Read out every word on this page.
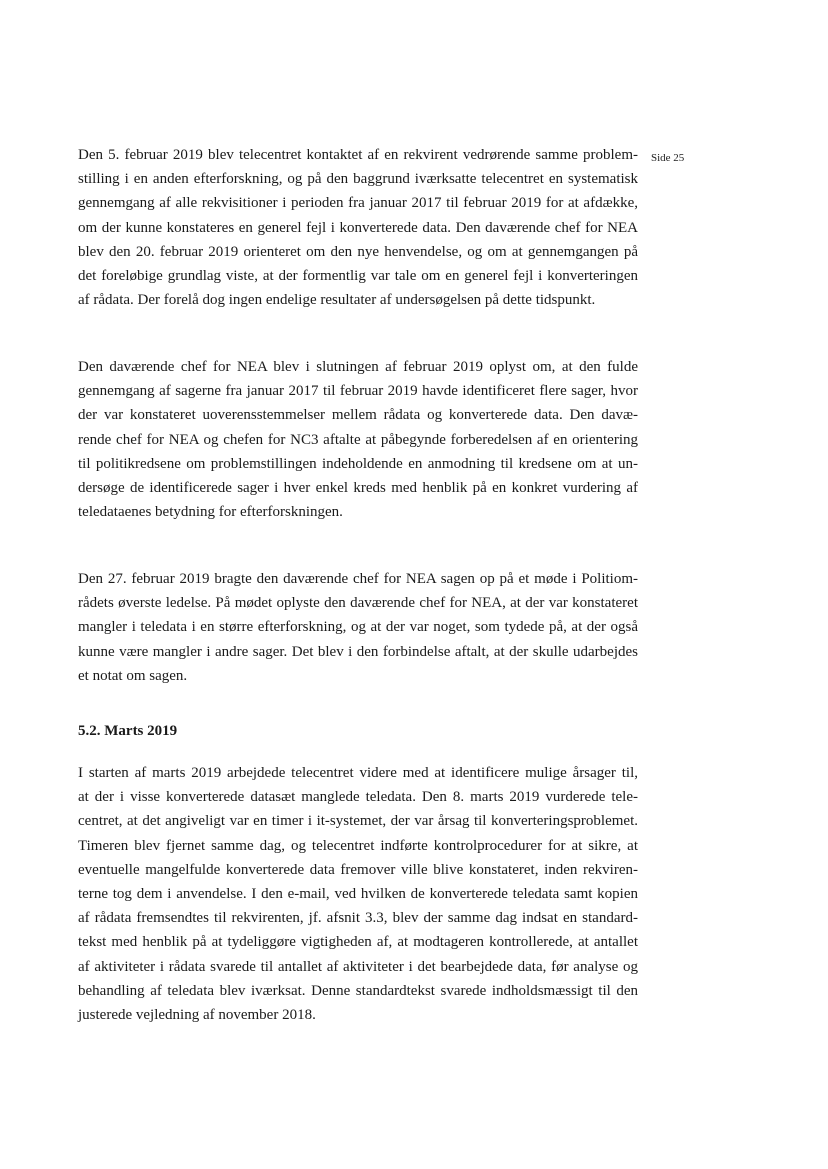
Side 25
Den 5. februar 2019 blev telecentret kontaktet af en rekvirent vedrørende samme problem-
stilling i en anden efterforskning, og på den baggrund iværksatte telecentret en systematisk
gennemgang af alle rekvisitioner i perioden fra januar 2017 til februar 2019 for at afdække,
om der kunne konstateres en generel fejl i konverterede data. Den daværende chef for NEA
blev den 20. februar 2019 orienteret om den nye henvendelse, og om at gennemgangen på
det foreløbige grundlag viste, at der formentlig var tale om en generel fejl i konverteringen
af rådata. Der forelå dog ingen endelige resultater af undersøgelsen på dette tidspunkt.
Den daværende chef for NEA blev i slutningen af februar 2019 oplyst om, at den fulde
gennemgang af sagerne fra januar 2017 til februar 2019 havde identificeret flere sager, hvor
der var konstateret uoverensstemmelser mellem rådata og konverterede data. Den davæ-
rende chef for NEA og chefen for NC3 aftalte at påbegynde forberedelsen af en orientering
til politikredsene om problemstillingen indeholdende en anmodning til kredsene om at un-
dersøge de identificerede sager i hver enkel kreds med henblik på en konkret vurdering af
teledataenes betydning for efterforskningen.
Den 27. februar 2019 bragte den daværende chef for NEA sagen op på et møde i Politiom-
rådets øverste ledelse. På mødet oplyste den daværende chef for NEA, at der var konstateret
mangler i teledata i en større efterforskning, og at der var noget, som tydede på, at der også
kunne være mangler i andre sager. Det blev i den forbindelse aftalt, at der skulle udarbejdes
et notat om sagen.
5.2. Marts 2019
I starten af marts 2019 arbejdede telecentret videre med at identificere mulige årsager til,
at der i visse konverterede datasæt manglede teledata. Den 8. marts 2019 vurderede tele-
centret, at det angiveligt var en timer i it-systemet, der var årsag til konverteringsproblemet.
Timeren blev fjernet samme dag, og telecentret indførte kontrolprocedurer for at sikre, at
eventuelle mangelfulde konverterede data fremover ville blive konstateret, inden rekviren-
terne tog dem i anvendelse. I den e-mail, ved hvilken de konverterede teledata samt kopien
af rådata fremsendtes til rekvirenten, jf. afsnit 3.3, blev der samme dag indsat en standard-
tekst med henblik på at tydeliggøre vigtigheden af, at modtageren kontrollerede, at antallet
af aktiviteter i rådata svarede til antallet af aktiviteter i det bearbejdede data, før analyse og
behandling af teledata blev iværksat. Denne standardtekst svarede indholdsmæssigt til den
justerede vejledning af november 2018.
